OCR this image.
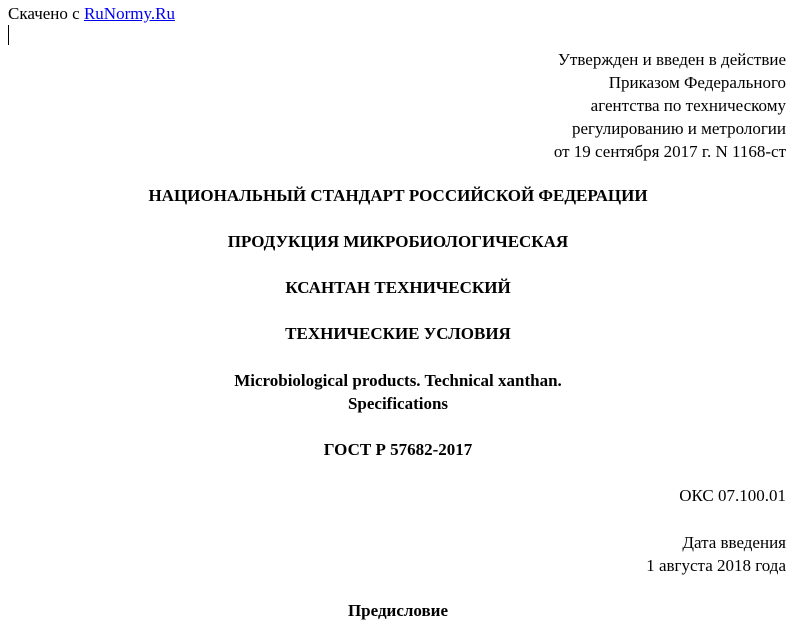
Скачено с RuNormy.Ru
Утвержден и введен в действие
Приказом Федерального
агентства по техническому
регулированию и метрологии
от 19 сентября 2017 г. N 1168-ст
НАЦИОНАЛЬНЫЙ СТАНДАРТ РОССИЙСКОЙ ФЕДЕРАЦИИ
ПРОДУКЦИЯ МИКРОБИОЛОГИЧЕСКАЯ
КСАНТАН ТЕХНИЧЕСКИЙ
ТЕХНИЧЕСКИЕ УСЛОВИЯ
Microbiological products. Technical xanthan.
Specifications
ГОСТ Р 57682-2017
ОКС 07.100.01
Дата введения
1 августа 2018 года
Предисловие
